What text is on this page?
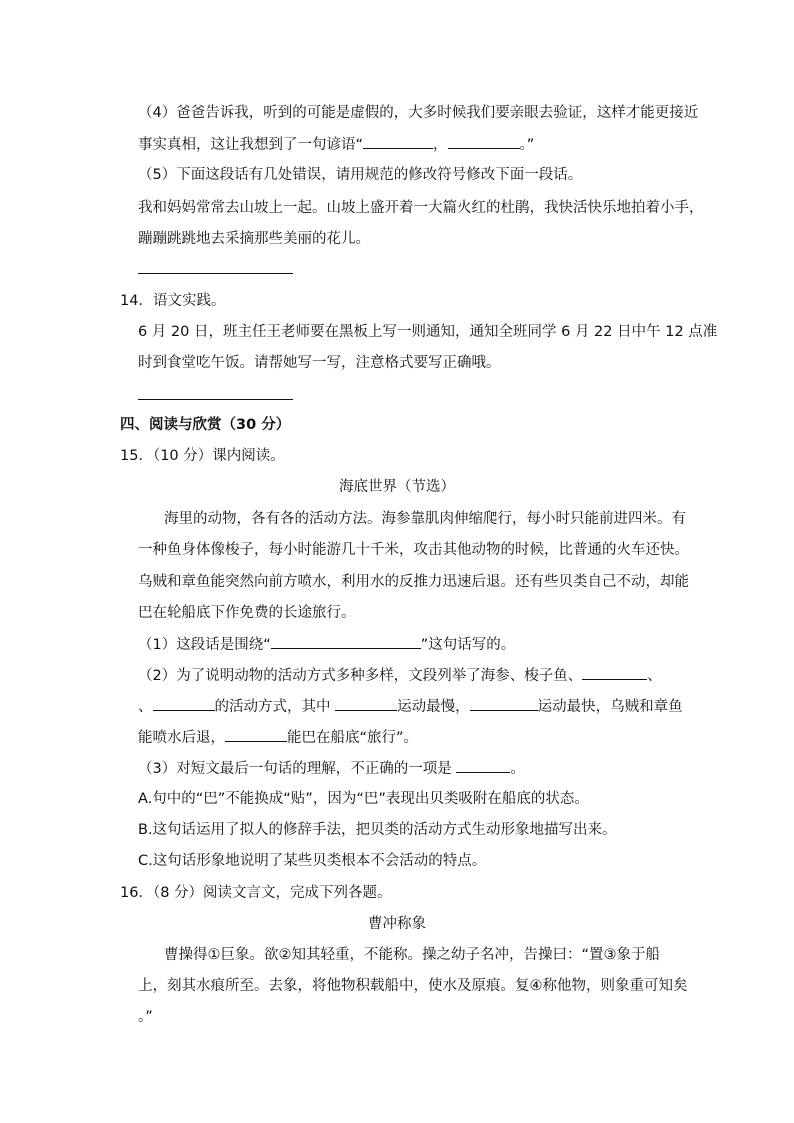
（4）爸爸告诉我，听到的可能是虚假的，大多时候我们要亲眼去验证，这样才能更接近
事实真相，这让我想到了一句谚语“	，	。”
（5）下面这段话有几处错误，请用规范的修改符号修改下面一段话。
我和妈妈常常去山坡上一起。山坡上盛开着一大篇火红的杜鹃，我快活快乐地拍着小手，
蹦蹦跳跳地去采摘那些美丽的花儿。
14．语文实践。
6 月 20 日，班主任王老师要在黑板上写一则通知，通知全班同学 6 月 22 日中午 12 点准
时到食堂吃午饭。请帮她写一写，注意格式要写正确哦。
四、阅读与欣赏（30 分）
15．（10 分）课内阅读。
海底世界（节选）
海里的动物，各有各的活动方法。海参靠肌肉伸缩爬行，每小时只能前进四米。有
一种鱼身体像梭子，每小时能游几十千米，攻击其他动物的时候，比普通的火车还快。
乌贼和章鱼能突然向前方喷水，利用水的反推力迅速后退。还有些贝类自己不动，却能
巴在轮船底下作免费的长途旅行。
（1）这段话是围绕“	”这句话写的。
（2）为了说明动物的活动方式多种多样，文段列举了海参、梭子鱼、	、
、	的活动方式，其中	运动最慢，	运动最快，乌贼和章鱼
能喷水后退，	能巴在船底“旅行”。
（3）对短文最后一句话的理解，不正确的一项是	。
A.句中的“巴”不能换成“贴”，因为“巴”表现出贝类吸附在船底的状态。
B.这句话运用了拟人的修辞手法，把贝类的活动方式生动形象地描写出来。
C.这句话形象地说明了某些贝类根本不会活动的特点。
16．（8 分）阅读文言文，完成下列各题。
曹冲称象
曹操得①巨象。欲②知其轻重，不能称。操之幼子名冲，告操曰：“置③象于船
上，刻其水痕所至。去象，将他物积载船中，使水及原痕。复④称他物，则象重可知矣
。”
